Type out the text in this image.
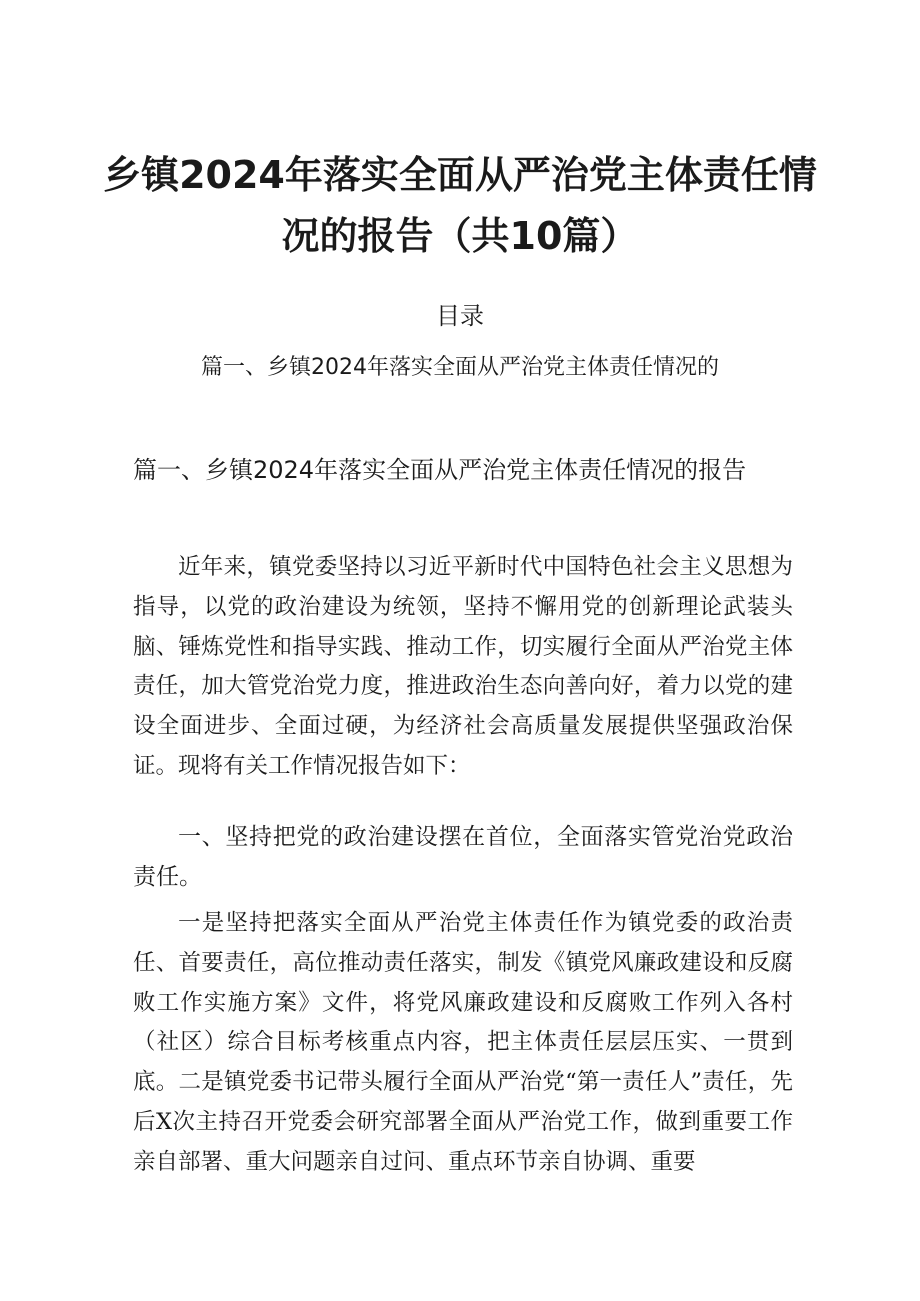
乡镇2024年落实全面从严治党主体责任情
况的报告（共10篇）
目录
篇一、乡镇2024年落实全面从严治党主体责任情况的
篇一、乡镇2024年落实全面从严治党主体责任情况的报告

近年来，镇党委坚持以习近平新时代中国特色社会主义思想为指导，以党的政治建设为统领，坚持不懈用党的创新理论武装头脑、锤炼党性和指导实践、推动工作，切实履行全面从严治党主体责任，加大管党治党力度，推进政治生态向善向好，着力以党的建设全面进步、全面过硬，为经济社会高质量发展提供坚强政治保证。现将有关工作情况报告如下：

一、坚持把党的政治建设摆在首位，全面落实管党治党政治责任。

一是坚持把落实全面从严治党主体责任作为镇党委的政治责任、首要责任，高位推动责任落实，制发《镇党风廉政建设和反腐败工作实施方案》文件，将党风廉政建设和反腐败工作列入各村（社区）综合目标考核重点内容，把主体责任层层压实、一贯到底。二是镇党委书记带头履行全面从严治党“第一责任人”责任，先后X次主持召开党委会研究部署全面从严治党工作，做到重要工作亲自部署、重大问题亲自过问、重点环节亲自协调、重要
